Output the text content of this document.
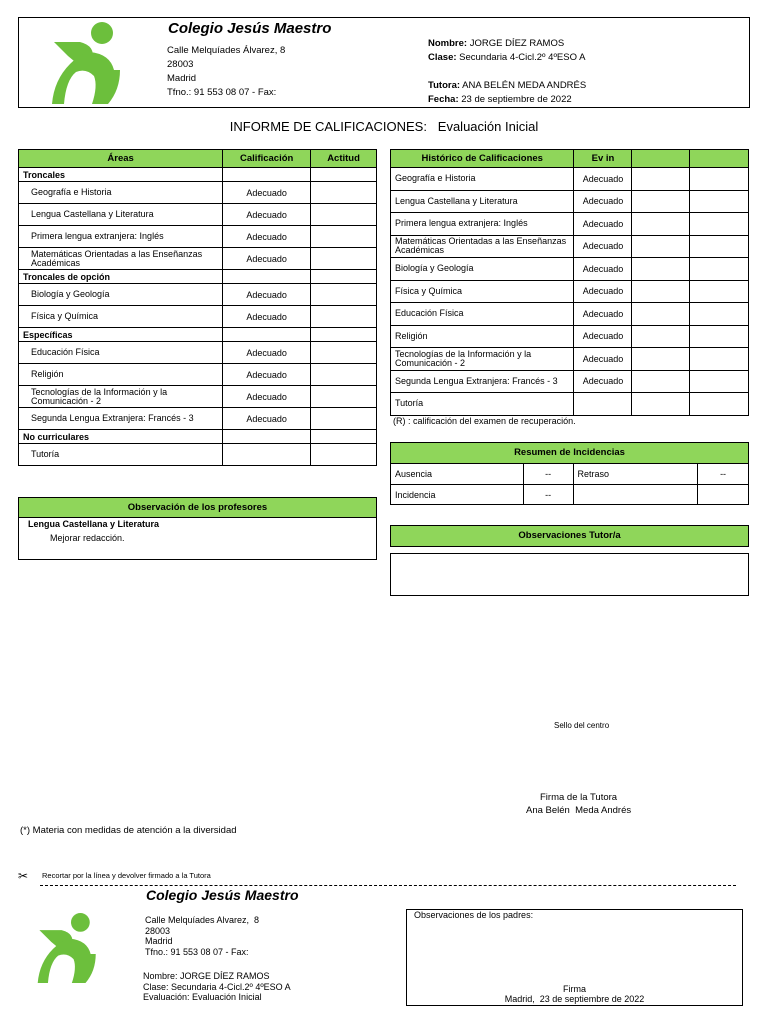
Colegio Jesús Maestro
Calle Melquíades Álvarez, 8
28003
Madrid
Tfno.: 91 553 08 07 - Fax:
Nombre: JORGE DÍEZ RAMOS
Clase: Secundaria 4-Cicl.2º 4ºESO A
Tutora: ANA BELÉN MEDA ANDRÉS
Fecha: 23 de septiembre de 2022
INFORME DE CALIFICACIONES:   Evaluación Inicial
Áreas	Calificación	Actitud
Troncales		
Geografía e Historia	Adecuado	
Lengua Castellana y Literatura	Adecuado	
Primera lengua extranjera: Inglés	Adecuado	
Matemáticas Orientadas a las Enseñanzas Académicas	Adecuado	
Troncales de opción		
Biología y Geología	Adecuado	
Física y Química	Adecuado	
Específicas		
Educación Física	Adecuado	
Religión	Adecuado	
Tecnologías de la Información y la Comunicación - 2	Adecuado	
Segunda Lengua Extranjera: Francés - 3	Adecuado	
No curriculares		
Tutoría		
Histórico de Calificaciones	Ev in		
Geografía e Historia	Adecuado		
Lengua Castellana y Literatura	Adecuado		
Primera lengua extranjera: Inglés	Adecuado		
Matemáticas Orientadas a las Enseñanzas Académicas	Adecuado		
Biología y Geología	Adecuado		
Física y Química	Adecuado		
Educación Física	Adecuado		
Religión	Adecuado		
Tecnologías de la Información y la Comunicación - 2	Adecuado		
Segunda Lengua Extranjera: Francés - 3	Adecuado		
Tutoría			
(R) : calificación del examen de recuperación.
Resumen de Incidencias
Ausencia	--	Retraso	--
Incidencia	--		
Observación de los profesores
Lengua Castellana y Literatura
Mejorar redacción.	Observaciones Tutor/a
Sello del centro
Firma de la Tutora
Ana Belén  Meda Andrés
(*) Materia con medidas de atención a la diversidad
✂ Recortar por la línea y devolver firmado a la Tutora
Colegio Jesús Maestro
Calle Melquíades Alvarez,  8
28003
Madrid
Tfno.: 91 553 08 07 - Fax:
Nombre: JORGE DÍEZ RAMOS
Clase: Secundaria 4-Cicl.2º 4ºESO A
Evaluación: Evaluación Inicial
Observaciones de los padres:
Firma
Madrid,  23 de septiembre de 2022
